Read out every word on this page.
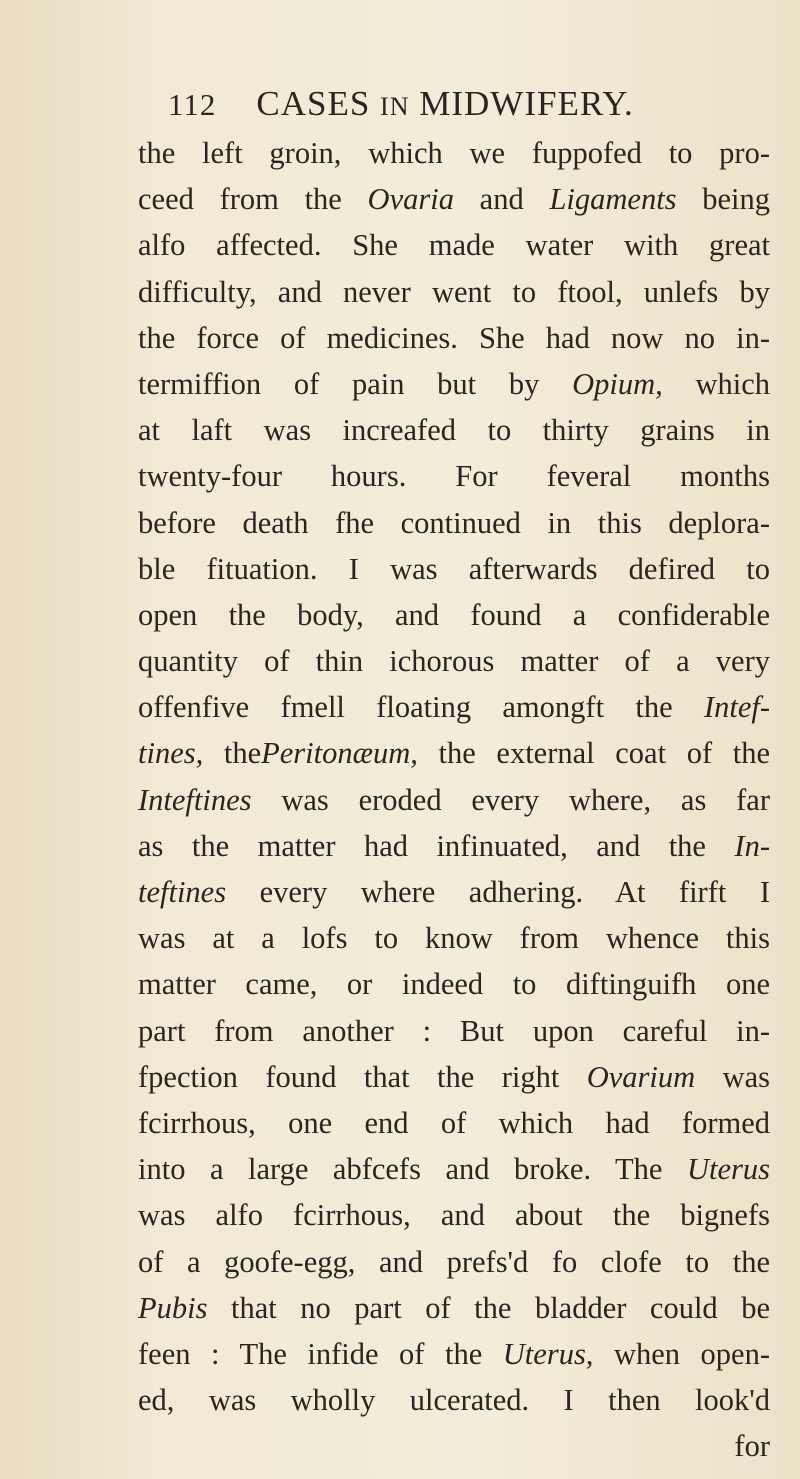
112 CASES IN MIDWIFERY.
the left groin, which we fuppofed to pro-
ceed from the Ovaria and Ligaments being
alfo affected. She made water with great
difficulty, and never went to ftool, unlefs by
the force of medicines. She had now no in-
termiffion of pain but by Opium, which
at laft was increafed to thirty grains in
twenty-four hours. For feveral months
before death fhe continued in this deplora-
ble fituation. I was afterwards defired to
open the body, and found a confiderable
quantity of thin ichorous matter of a very
offenfive fmell floating amongft the Intef-
tines, thePeritonæum, the external coat of the
Inteftines was eroded every where, as far
as the matter had infinuated, and the In-
teftines every where adhering. At firft I
was at a lofs to know from whence this
matter came, or indeed to diftinguifh one
part from another : But upon careful in-
fpection found that the right Ovarium was
fcirrhous, one end of which had formed
into a large abfcefs and broke. The Uterus
was alfo fcirrhous, and about the bignefs
of a goofe-egg, and prefs'd fo clofe to the
Pubis that no part of the bladder could be
feen : The infide of the Uterus, when open-
ed, was wholly ulcerated. I then look'd
for
